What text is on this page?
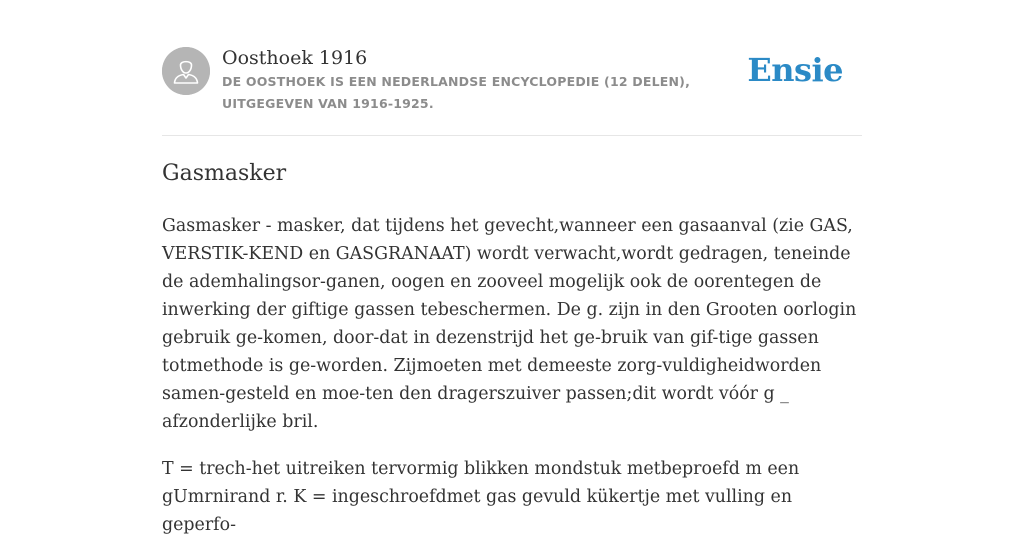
Oosthoek 1916
DE OOSTHOEK IS EEN NEDERLANDSE ENCYCLOPEDIE (12 DELEN), UITGEGEVEN VAN 1916-1925.
Ensie
Gasmasker

Gasmasker - masker, dat tijdens het gevecht,wanneer een gasaanval (zie GAS, VERSTIK-KEND en GASGRANAAT) wordt verwacht,wordt gedragen, teneinde de ademhalingsor-ganen, oogen en zooveel mogelijk ook de oorentegen de inwerking der giftige gassen tebeschermen. De g. zijn in den Grooten oorlogin gebruik ge-komen, door-dat in dezenstrijd het ge-bruik van gif-tige gassen totmethode is ge-worden. Zijmoeten met demeeste zorg-vuldigheidworden samen-gesteld en moe-ten den dragerszuiver passen;dit wordt vóór g _ afzonderlijke bril.

T = trech-het uitreiken tervormig blikken mondstuk metbeproefd m een gUmrnirand r. K = ingeschroefdmet gas gevuld kükertje met vulling en geperfo-
